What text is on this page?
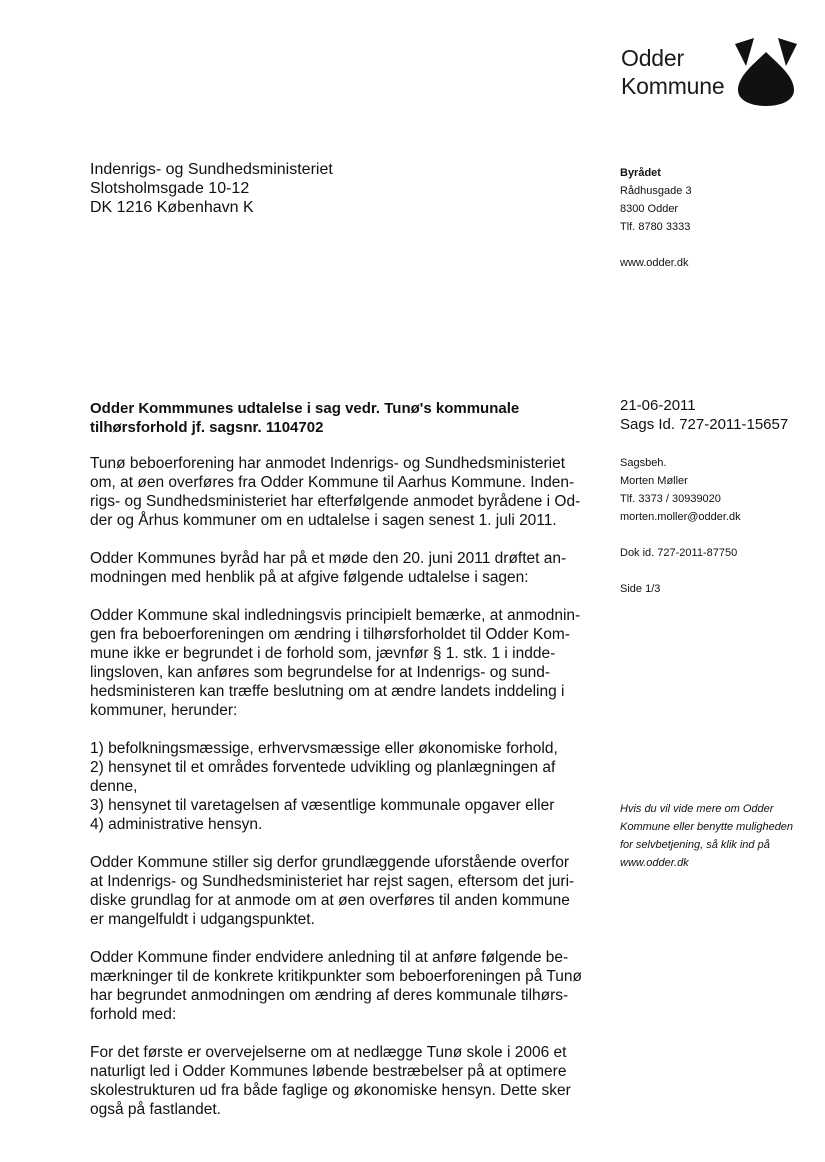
Odder
Kommune
Indenrigs- og Sundhedsministeriet
Slotsholmsgade 10-12
DK 1216 København K
Byrådet
Rådhusgade 3
8300 Odder
Tlf. 8780 3333
www.odder.dk
Odder Kommmunes udtalelse i sag vedr. Tunø's kommunale
tilhørsforhold jf. sagsnr. 1104702
21-06-2011
Sags Id. 727-2011-15657
Sagsbeh.
Morten Møller
Tlf. 3373 / 30939020
morten.moller@odder.dk
Dok id. 727-2011-87750
Side 1/3
Hvis du vil vide mere om Odder
Kommune eller benytte muligheden
for selvbetjening, så klik ind på
www.odder.dk
Tunø beboerforening har anmodet Indenrigs- og Sundhedsministeriet
om, at øen overføres fra Odder Kommune til Aarhus Kommune. Inden-
rigs- og Sundhedsministeriet har efterfølgende anmodet byrådene i Od-
der og Århus kommuner om en udtalelse i sagen senest 1. juli 2011.
Odder Kommunes byråd har på et møde den 20. juni 2011 drøftet an-
modningen med henblik på at afgive følgende udtalelse i sagen:
Odder Kommune skal indledningsvis principielt bemærke, at anmodnin-
gen fra beboerforeningen om ændring i tilhørsforholdet til Odder Kom-
mune ikke er begrundet i de forhold som, jævnfør § 1. stk. 1 i indde-
lingsloven, kan anføres som begrundelse for at Indenrigs- og sund-
hedsministeren kan træffe beslutning om at ændre landets inddeling i
kommuner, herunder:
1) befolkningsmæssige, erhvervsmæssige eller økonomiske forhold,
2) hensynet til et områdes forventede udvikling og planlægningen af
denne,
3) hensynet til varetagelsen af væsentlige kommunale opgaver eller
4) administrative hensyn.
Odder Kommune stiller sig derfor grundlæggende uforstående overfor
at Indenrigs- og Sundhedsministeriet har rejst sagen, eftersom det juri-
diske grundlag for at anmode om at øen overføres til anden kommune
er mangelfuldt i udgangspunktet.
Odder Kommune finder endvidere anledning til at anføre følgende be-
mærkninger til de konkrete kritikpunkter som beboerforeningen på Tunø
har begrundet anmodningen om ændring af deres kommunale tilhørs-
forhold med:
For det første er overvejelserne om at nedlægge Tunø skole i 2006 et
naturligt led i Odder Kommunes løbende bestræbelser på at optimere
skolestrukturen ud fra både faglige og økonomiske hensyn. Dette sker
også på fastlandet.
